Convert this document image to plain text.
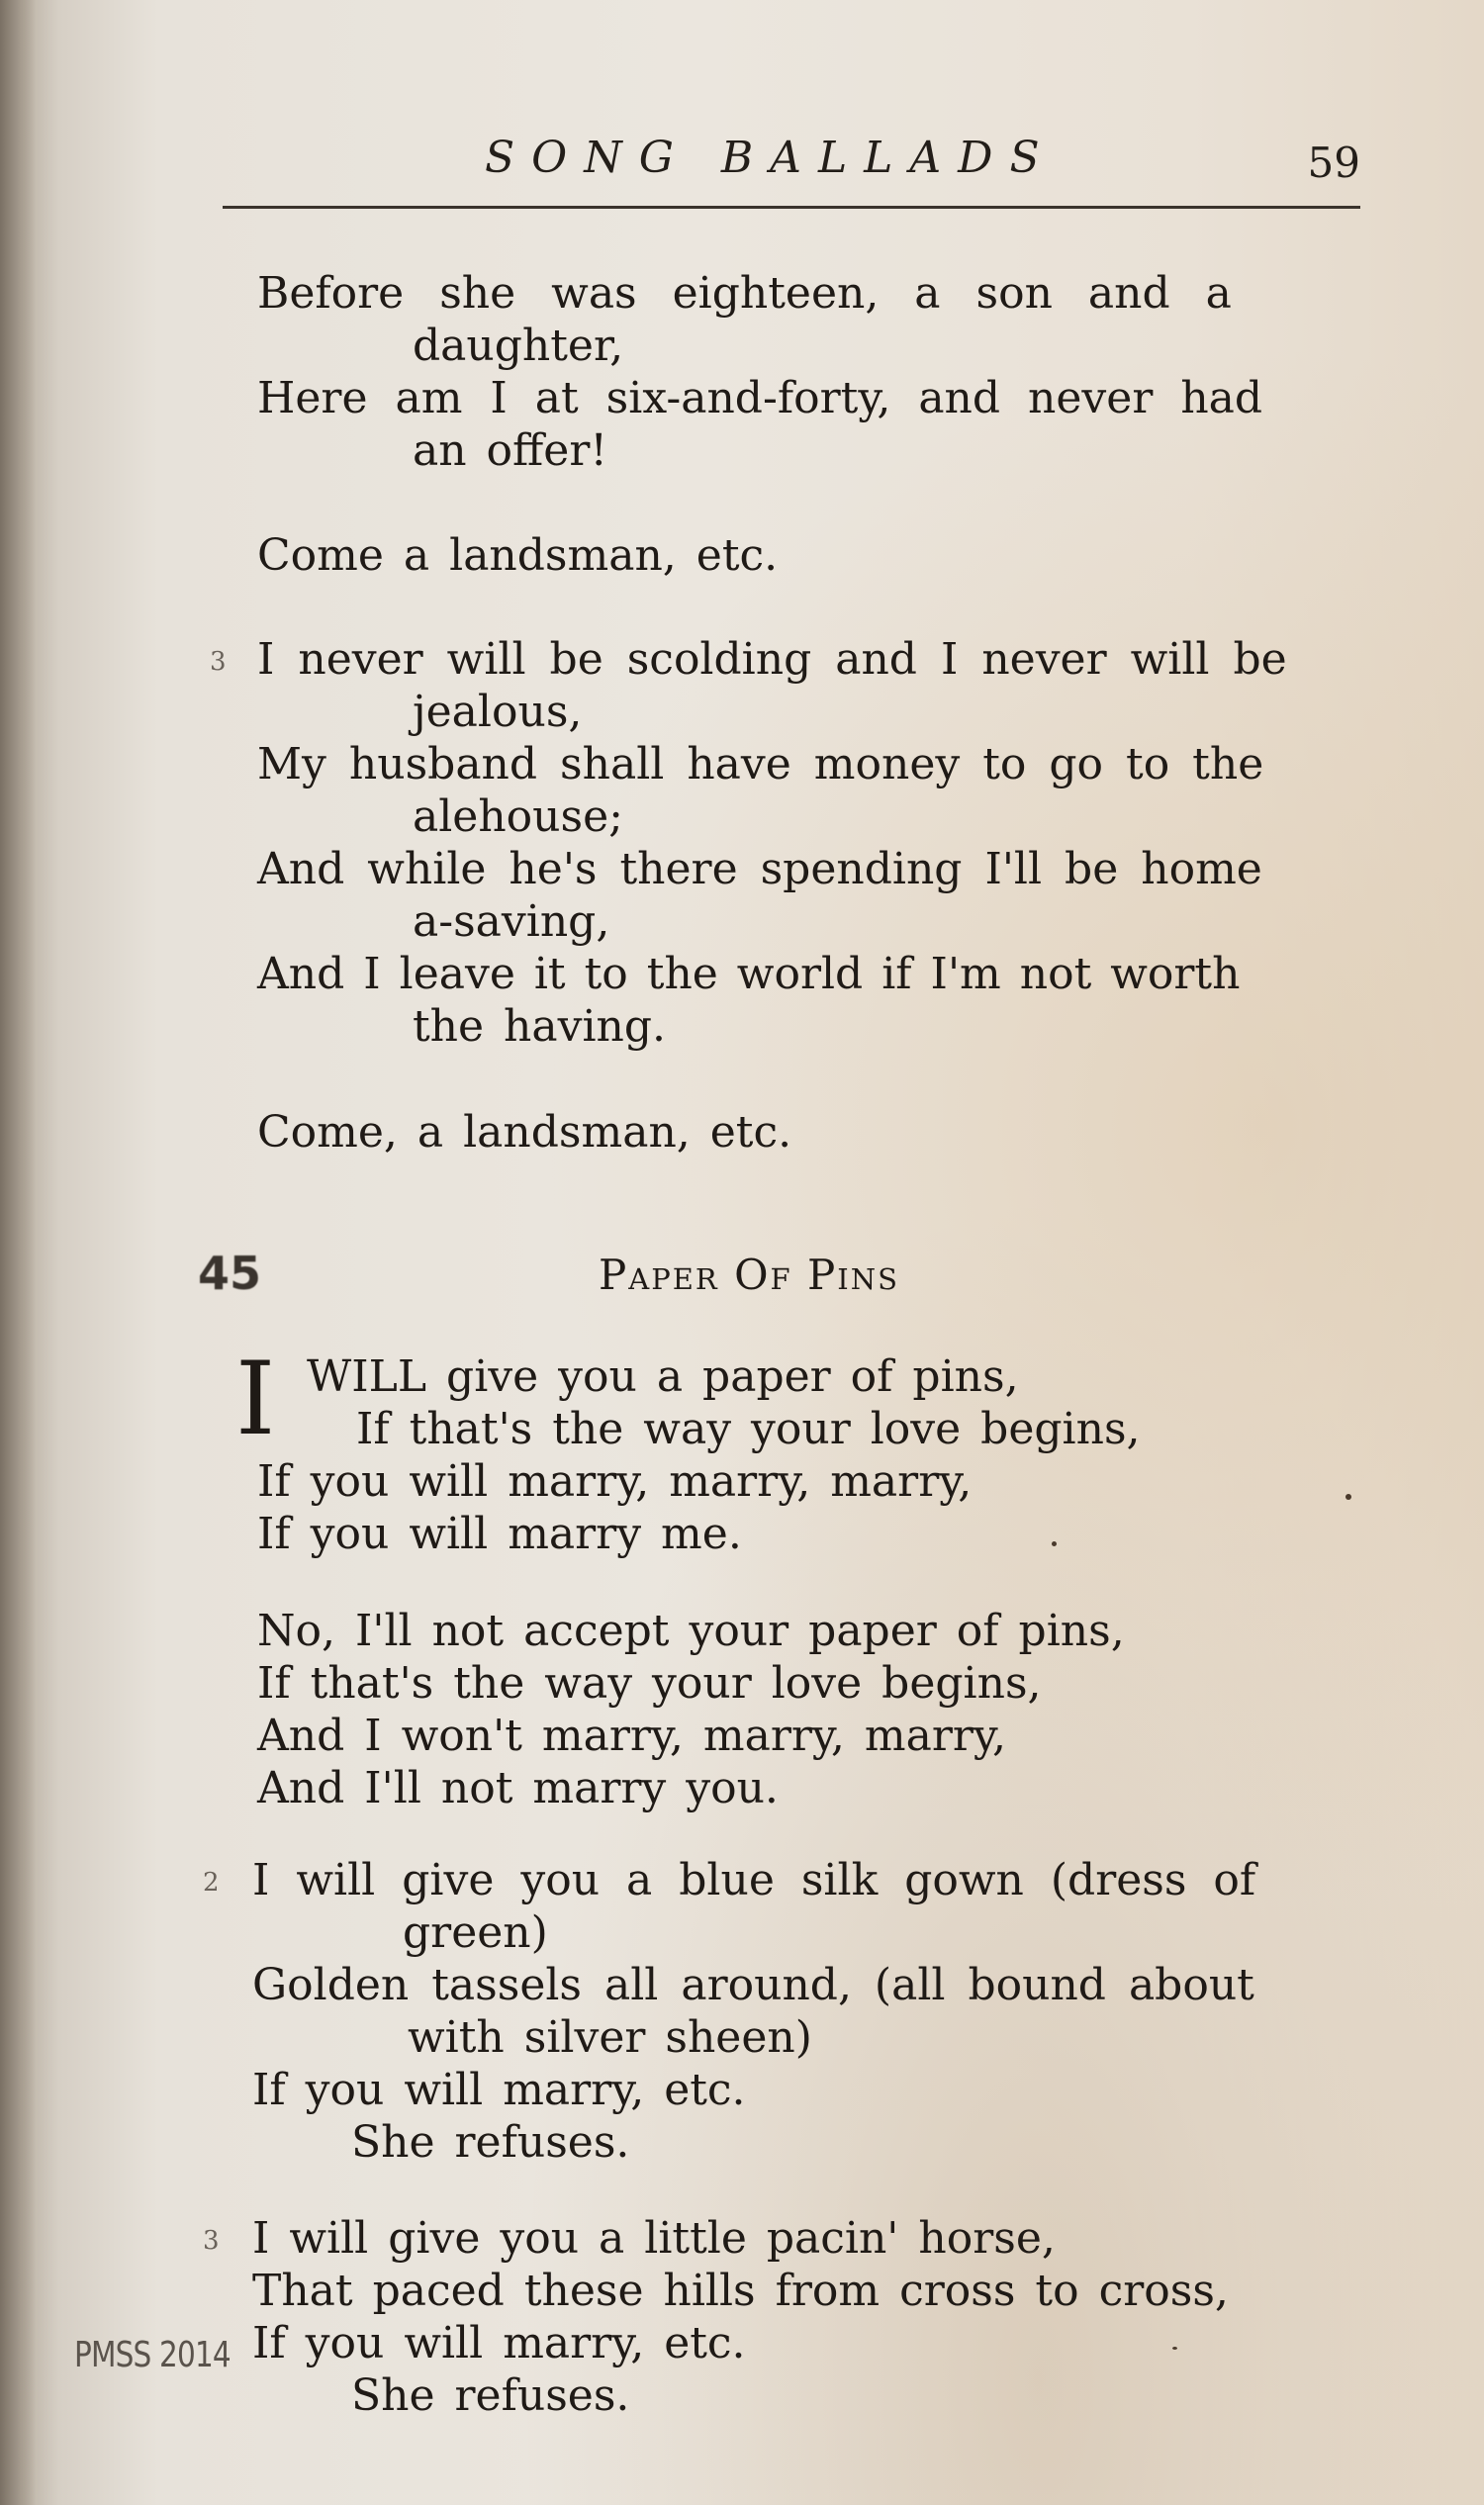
SONG BALLADS	59
Before she was eighteen, a son and a
daughter,
Here am I at six-and-forty, and never had
an offer!
Come a landsman, etc.
3 I never will be scolding and I never will be
jealous,
My husband shall have money to go to the
alehouse;
And while he's there spending I'll be home
a-saving,
And I leave it to the world if I'm not worth
the having.
Come, a landsman, etc.
45	Paper Of Pins
I WILL give you a paper of pins,
If that's the way your love begins,
If you will marry, marry, marry,
If you will marry me.
No, I'll not accept your paper of pins,
If that's the way your love begins,
And I won't marry, marry, marry,
And I'll not marry you.
2 I will give you a blue silk gown (dress of
green)
Golden tassels all around, (all bound about
with silver sheen)
If you will marry, etc.
She refuses.
3 I will give you a little pacin' horse,
That paced these hills from cross to cross,
If you will marry, etc.
She refuses.
PMSS 2014
